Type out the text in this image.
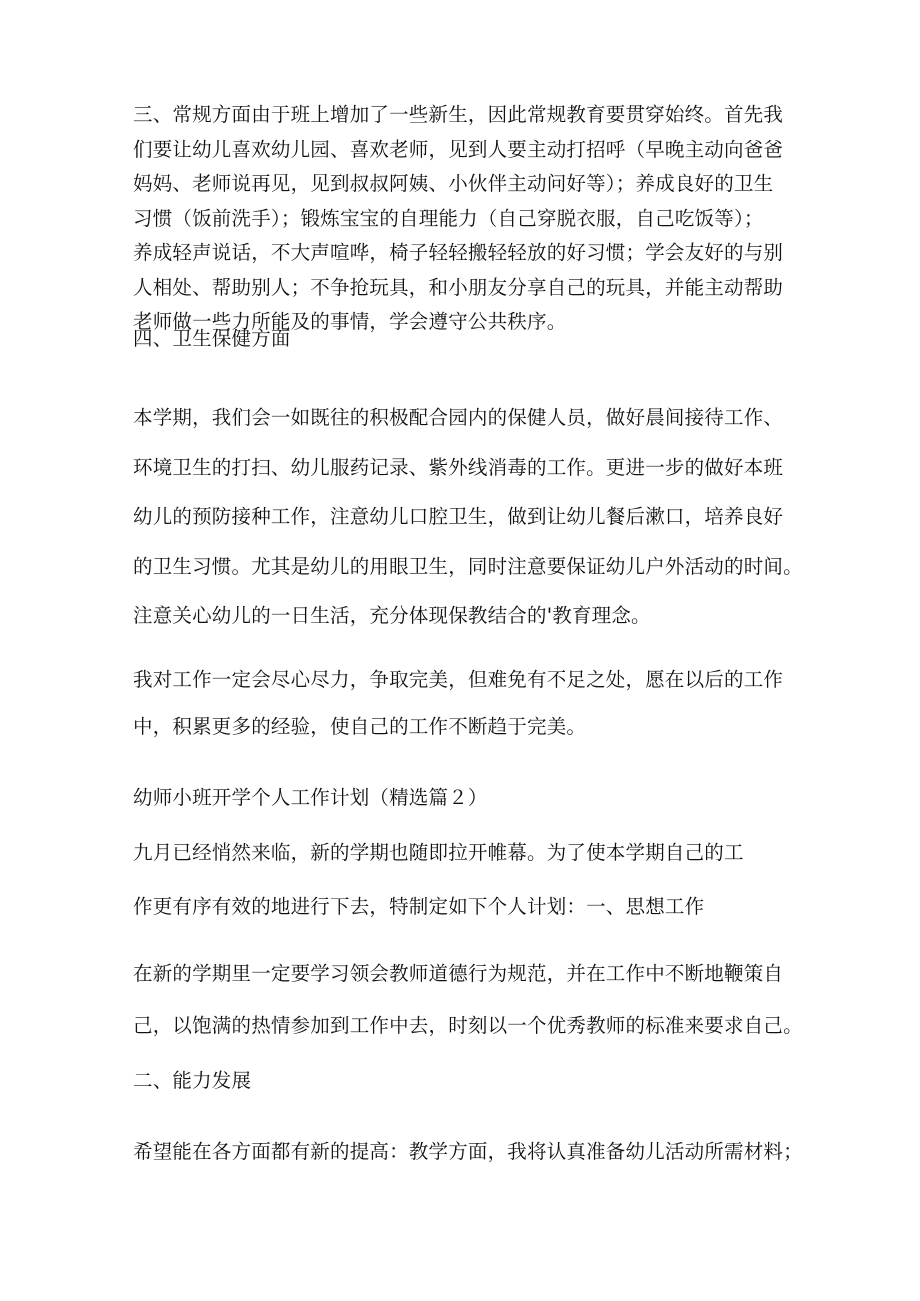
三、常规方面由于班上增加了一些新生，因此常规教育要贯穿始终。首先我
们要让幼儿喜欢幼儿园、喜欢老师，见到人要主动打招呼（早晚主动向爸爸
妈妈、老师说再见，见到叔叔阿姨、小伙伴主动问好等）；养成良好的卫生
习惯（饭前洗手）；锻炼宝宝的自理能力（自己穿脱衣服，自己吃饭等）；
养成轻声说话，不大声喧哗，椅子轻轻搬轻轻放的好习惯；学会友好的与别
人相处、帮助别人；不争抢玩具，和小朋友分享自己的玩具，并能主动帮助
老师做一些力所能及的事情，学会遵守公共秩序。
四、卫生保健方面
本学期，我们会一如既往的积极配合园内的保健人员，做好晨间接待工作、
环境卫生的打扫、幼儿服药记录、紫外线消毒的工作。更进一步的做好本班
幼儿的预防接种工作，注意幼儿口腔卫生，做到让幼儿餐后漱口，培养良好
的卫生习惯。尤其是幼儿的用眼卫生，同时注意要保证幼儿户外活动的时间。
注意关心幼儿的一日生活，充分体现保教结合的'教育理念。
我对工作一定会尽心尽力，争取完美，但难免有不足之处，愿在以后的工作
中，积累更多的经验，使自己的工作不断趋于完美。
幼师小班开学个人工作计划（精选篇２）
九月已经悄然来临，新的学期也随即拉开帷幕。为了使本学期自己的工
作更有序有效的地进行下去，特制定如下个人计划：一、思想工作
在新的学期里一定要学习领会教师道德行为规范，并在工作中不断地鞭策自
己，以饱满的热情参加到工作中去，时刻以一个优秀教师的标准来要求自己。
二、能力发展
希望能在各方面都有新的提高：教学方面，我将认真准备幼儿活动所需材料；
